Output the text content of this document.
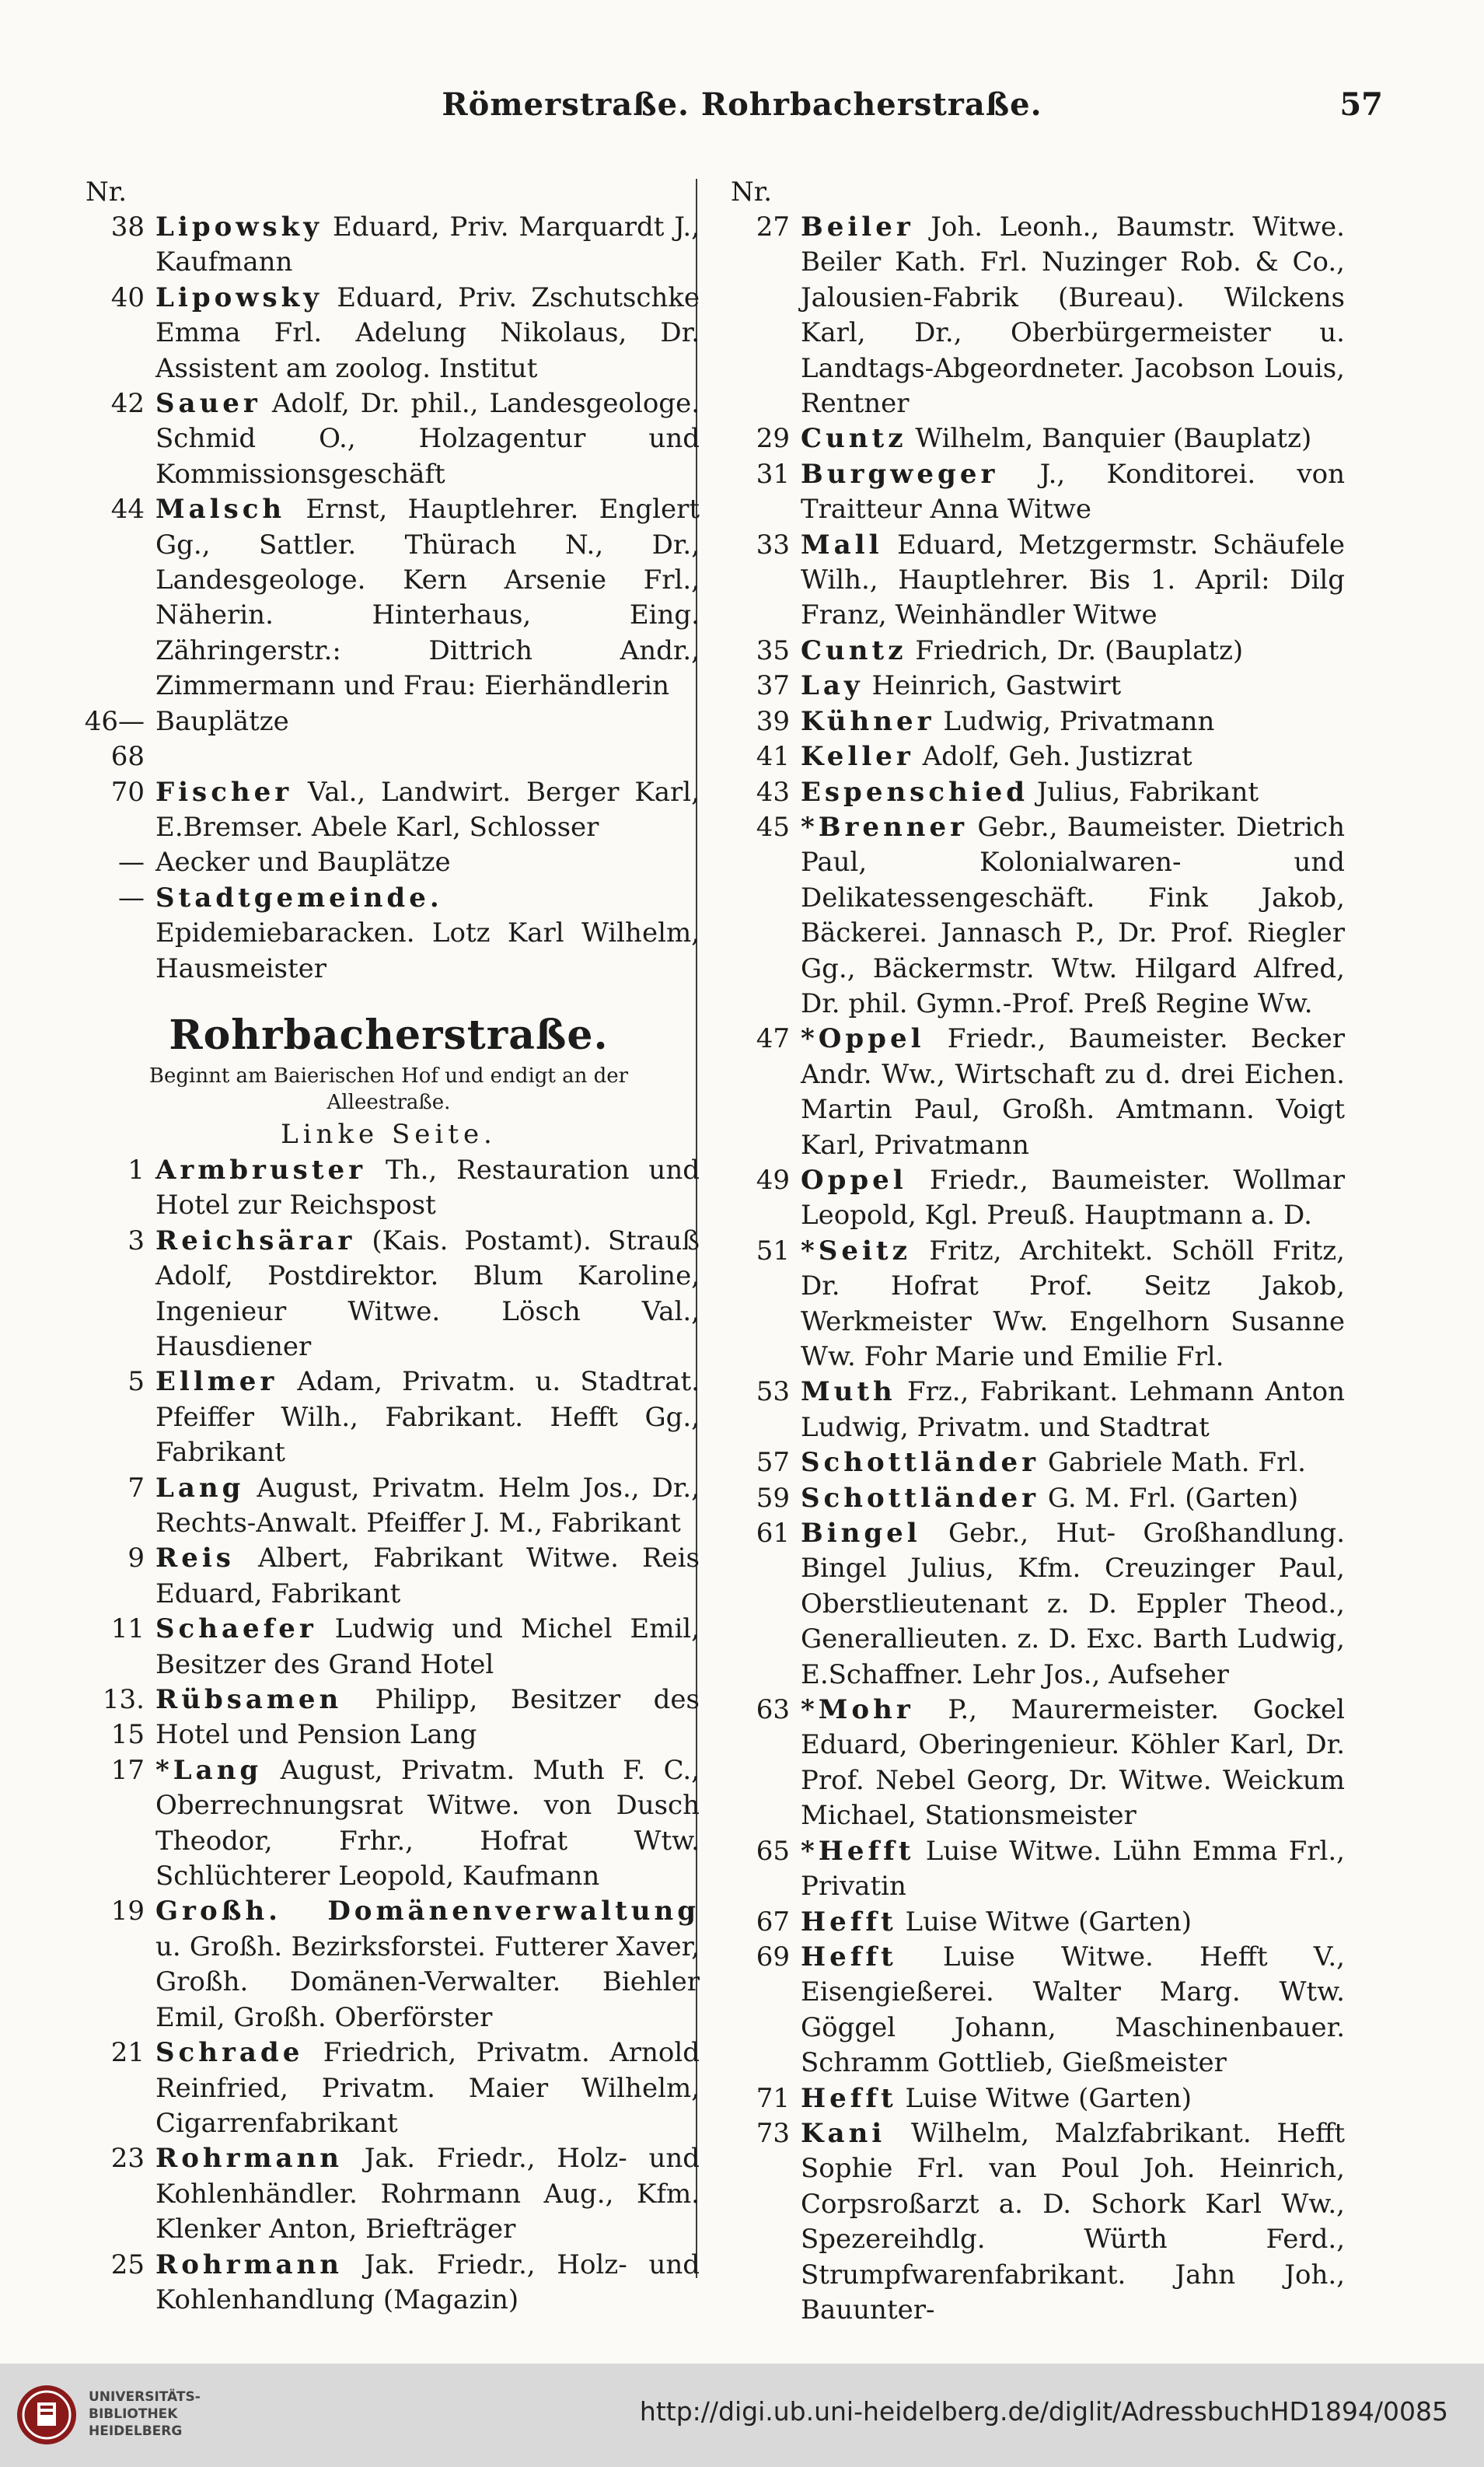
Römerstraße. Rohrbacherstraße.	57
Nr.
38 Lipowsky Eduard, Priv. Marquardt J., Kaufmann
40 Lipowsky Eduard, Priv. Zschutschke Emma Frl. Adelung Nikolaus, Dr. Assistent am zoolog. Institut
42 Sauer Adolf, Dr. phil., Landesgeologe. Schmid O., Holzagentur und Kommissionsgeschäft
44 Malsch Ernst, Hauptlehrer. Englert Gg., Sattler. Thürach N., Dr., Landesgeologe. Kern Arsenie Frl., Näherin. Hinterhaus, Eing. Zähringerstr.: Dittrich Andr., Zimmermann und Frau: Eierhändlerin
46—68
Bauplätze
70 Fischer Val., Landwirt. Berger Karl, E.Bremser. Abele Karl, Schlosser
— Aecker und Bauplätze
— Stadtgemeinde. Epidemiebaracken. Lotz Karl Wilhelm, Hausmeister
Rohrbacherstraße.
Beginnt am Baierischen Hof und endigt an der Alleestraße.
Linke Seite.
1 Armbruster Th., Restauration und Hotel zur Reichspost
3 Reichsärar (Kais. Postamt). Strauß Adolf, Postdirektor. Blum Karoline, Ingenieur Witwe. Lösch Val., Hausdiener
5 Ellmer Adam, Privatm. u. Stadtrat. Pfeiffer Wilh., Fabrikant. Hefft Gg., Fabrikant
7 Lang August, Privatm. Helm Jos., Dr., Rechts-Anwalt. Pfeiffer J. M., Fabrikant
9 Reis Albert, Fabrikant Witwe. Reis Eduard, Fabrikant
11 Schaefer Ludwig und Michel Emil, Besitzer des Grand Hotel
13. 15
Rübsamen Philipp, Besitzer des Hotel und Pension Lang
17 *Lang August, Privatm. Muth F. C., Oberrechnungsrat Witwe. von Dusch Theodor, Frhr., Hofrat Wtw. Schlüchterer Leopold, Kaufmann
19 Großh. Domänenverwaltung u. Großh. Bezirksforstei. Futterer Xaver, Großh. Domänen-Verwalter. Biehler Emil, Großh. Oberförster
21 Schrade Friedrich, Privatm. Arnold Reinfried, Privatm. Maier Wilhelm, Cigarrenfabrikant
23 Rohrmann Jak. Friedr., Holz- und Kohlenhändler. Rohrmann Aug., Kfm. Klenker Anton, Briefträger
25 Rohrmann Jak. Friedr., Holz- und Kohlenhandlung (Magazin)
Nr.
27 Beiler Joh. Leonh., Baumstr. Witwe. Beiler Kath. Frl. Nuzinger Rob. & Co., Jalousien-Fabrik (Bureau). Wilckens Karl, Dr., Oberbürgermeister u. Landtags-Abgeordneter. Jacobson Louis, Rentner
29 Cuntz Wilhelm, Banquier (Bauplatz)
31 Burgweger J., Konditorei. von Traitteur Anna Witwe
33 Mall Eduard, Metzgermstr. Schäufele Wilh., Hauptlehrer. Bis 1. April: Dilg Franz, Weinhändler Witwe
35 Cuntz Friedrich, Dr. (Bauplatz)
37 Lay Heinrich, Gastwirt
39 Kühner Ludwig, Privatmann
41 Keller Adolf, Geh. Justizrat
43 Espenschied Julius, Fabrikant
45 *Brenner Gebr., Baumeister. Dietrich Paul, Kolonialwaren- und Delikatessengeschäft. Fink Jakob, Bäckerei. Jannasch P., Dr. Prof. Riegler Gg., Bäckermstr. Wtw. Hilgard Alfred, Dr. phil. Gymn.-Prof. Preß Regine Ww.
47 *Oppel Friedr., Baumeister. Becker Andr. Ww., Wirtschaft zu d. drei Eichen. Martin Paul, Großh. Amtmann. Voigt Karl, Privatmann
49 Oppel Friedr., Baumeister. Wollmar Leopold, Kgl. Preuß. Hauptmann a. D.
51 *Seitz Fritz, Architekt. Schöll Fritz, Dr. Hofrat Prof. Seitz Jakob, Werkmeister Ww. Engelhorn Susanne Ww. Fohr Marie und Emilie Frl.
53 Muth Frz., Fabrikant. Lehmann Anton Ludwig, Privatm. und Stadtrat
57 Schottländer Gabriele Math. Frl.
59 Schottländer G. M. Frl. (Garten)
61 Bingel Gebr., Hut- Großhandlung. Bingel Julius, Kfm. Creuzinger Paul, Oberstlieutenant z. D. Eppler Theod., Generallieuten. z. D. Exc. Barth Ludwig, E.Schaffner. Lehr Jos., Aufseher
63 *Mohr P., Maurermeister. Gockel Eduard, Oberingenieur. Köhler Karl, Dr. Prof. Nebel Georg, Dr. Witwe. Weickum Michael, Stationsmeister
65 *Hefft Luise Witwe. Lühn Emma Frl., Privatin
67 Hefft Luise Witwe (Garten)
69 Hefft Luise Witwe. Hefft V., Eisengießerei. Walter Marg. Wtw. Göggel Johann, Maschinenbauer. Schramm Gottlieb, Gießmeister
71 Hefft Luise Witwe (Garten)
73 Kani Wilhelm, Malzfabrikant. Hefft Sophie Frl. van Poul Joh. Heinrich, Corpsroßarzt a. D. Schork Karl Ww., Spezereihdlg. Würth Ferd., Strumpfwarenfabrikant. Jahn Joh., Bauunter-
UNIVERSITÄTS-
BIBLIOTHEK
HEIDELBERG
http://digi.ub.uni-heidelberg.de/diglit/AdressbuchHD1894/0085
